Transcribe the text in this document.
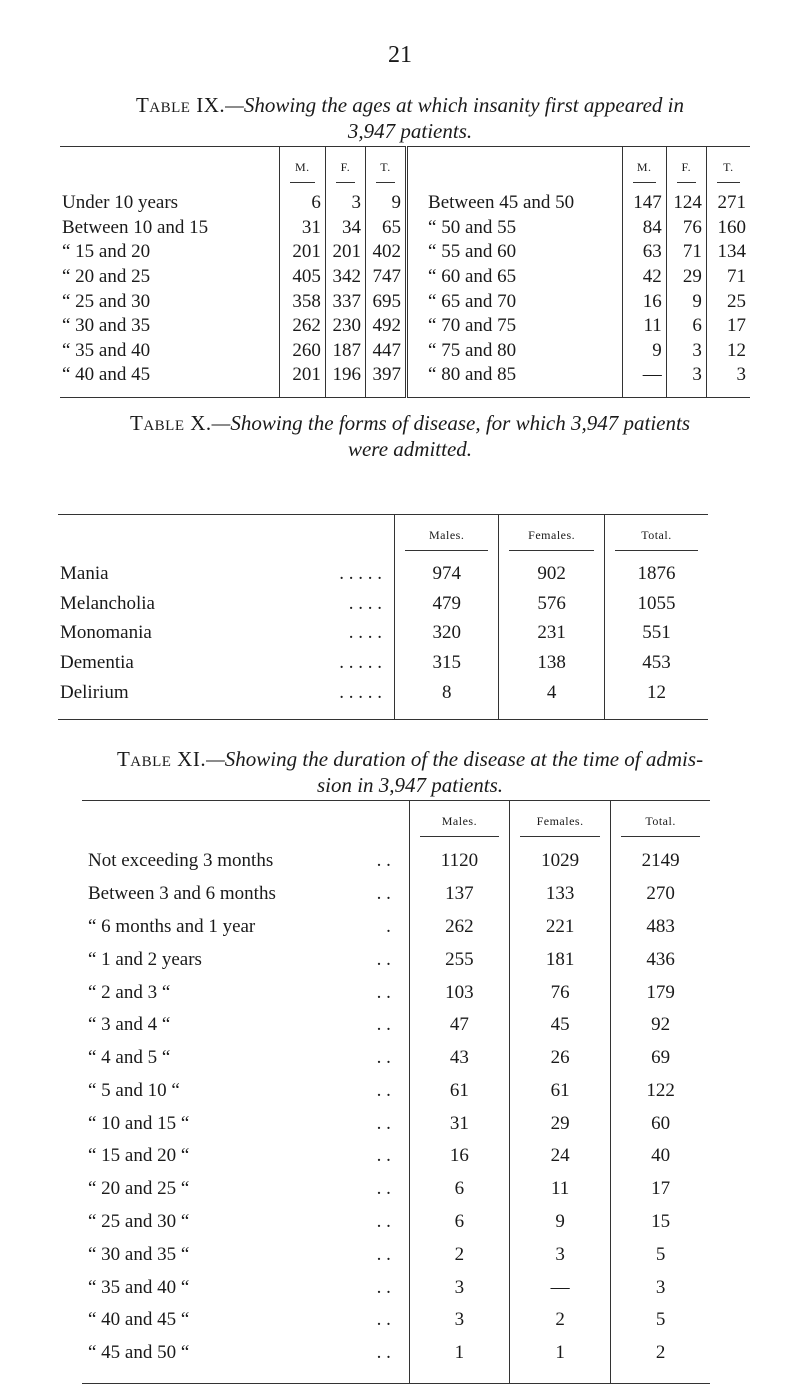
21
Table IX.—Showing the ages at which insanity first appeared in
3,947 patients.

	M.	F.	T.		M.	F.	T.

Under 10 years	6	3	9	Between 45 and 50	147	124	271
Between 10 and 15	31	34	65	“ 50 and 55	84	76	160
“ 15 and 20	201	201	402	“ 55 and 60	63	71	134
“ 20 and 25	405	342	747	“ 60 and 65	42	29	71
“ 25 and 30	358	337	695	“ 65 and 70	16	9	25
“ 30 and 35	262	230	492	“ 70 and 75	11	6	17
“ 35 and 40	260	187	447	“ 75 and 80	9	3	12
“ 40 and 45	201	196	397	“ 80 and 85	—	3	3

Table X.—Showing the forms of disease, for which 3,947 patients
were admitted.

	Males.	Females.	Total.

Mania . . . . .	974	902	1876
Melancholia . . . .	479	576	1055
Monomania . . . .	320	231	551
Dementia . . . . .	315	138	453
Delirium . . . . .	8	4	12

Table XI.—Showing the duration of the disease at the time of admis-
sion in 3,947 patients.

	Males.	Females.	Total.

Not exceeding 3 months . .	1120	1029	2149
Between 3 and 6 months . .	137	133	270
“ 6 months and 1 year .	262	221	483
“ 1 and 2 years . .	255	181	436
“ 2 and 3 “ . .	103	76	179
“ 3 and 4 “ . .	47	45	92
“ 4 and 5 “ . .	43	26	69
“ 5 and 10 “ . .	61	61	122
“ 10 and 15 “ . .	31	29	60
“ 15 and 20 “ . .	16	24	40
“ 20 and 25 “ . .	6	11	17
“ 25 and 30 “ . .	6	9	15
“ 30 and 35 “ . .	2	3	5
“ 35 and 40 “ . .	3	—	3
“ 40 and 45 “ . .	3	2	5
“ 45 and 50 “ . .	1	1	2
